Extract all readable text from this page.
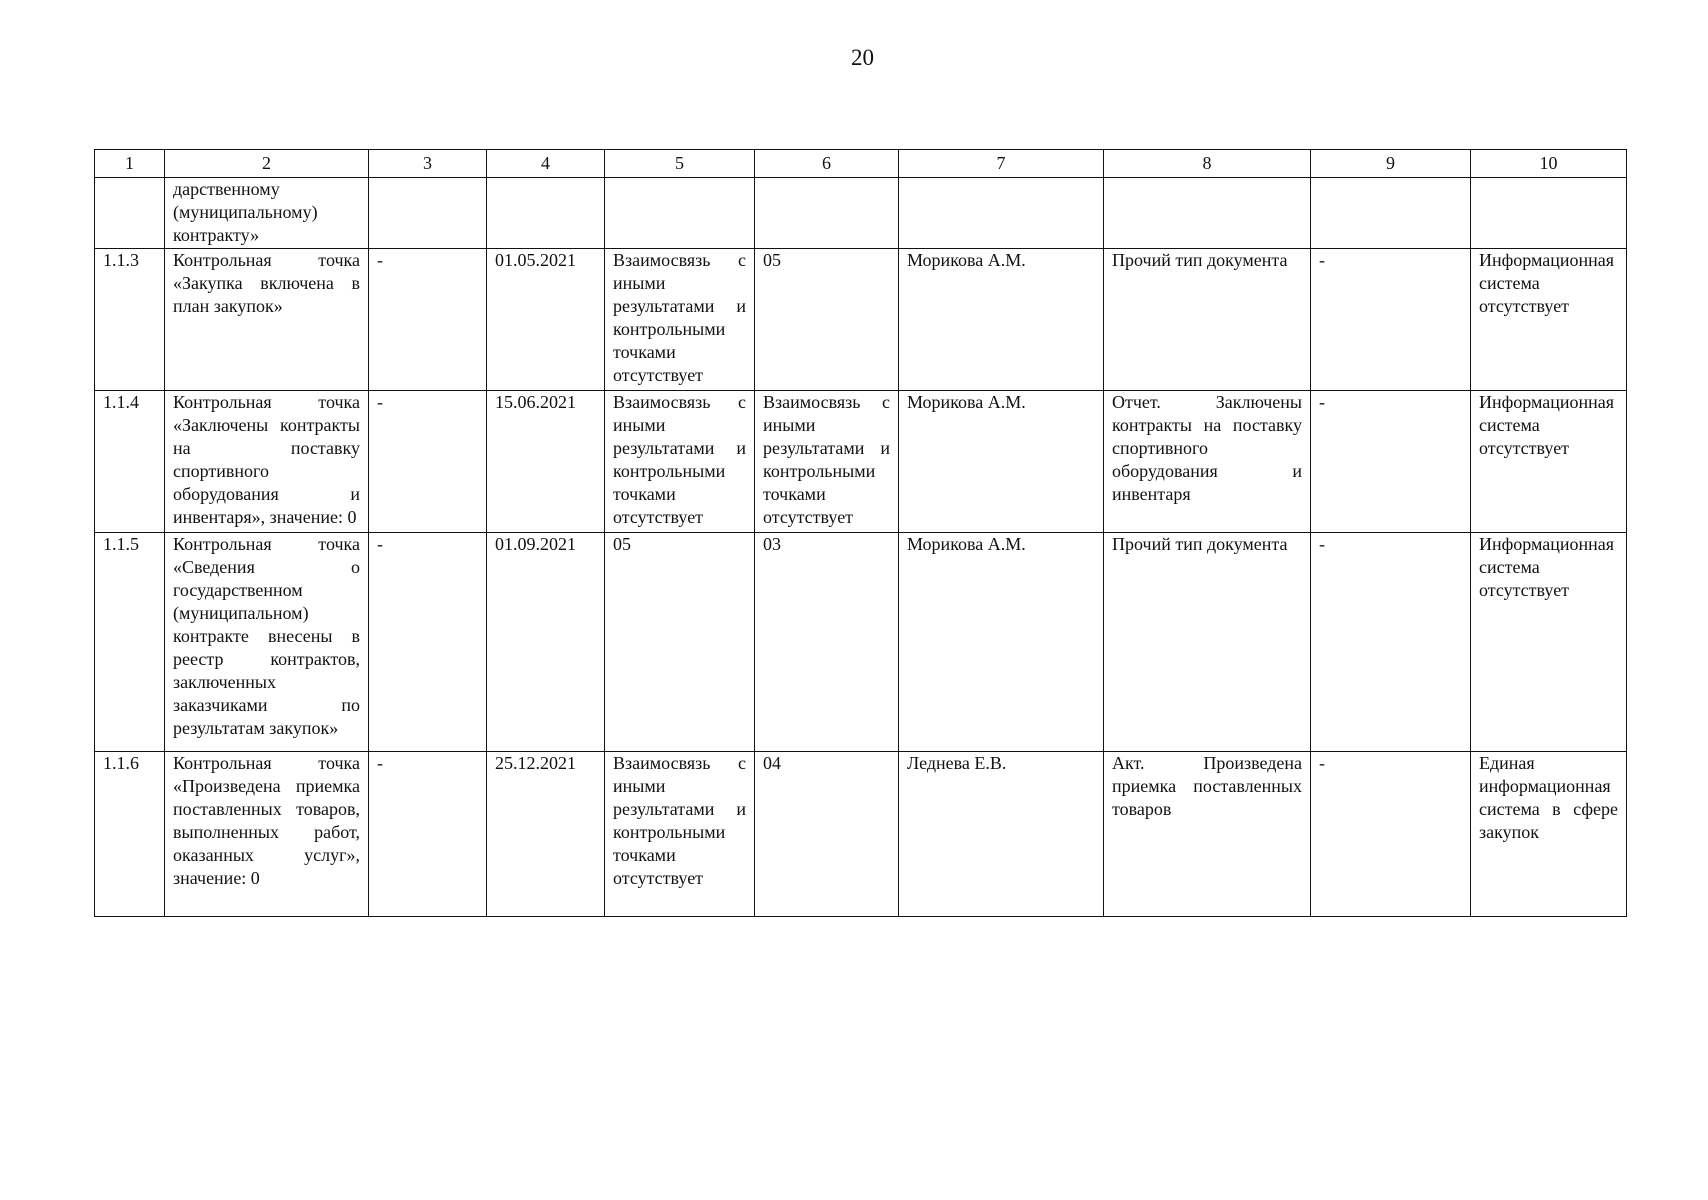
20
1	2	3	4	5	6	7	8	9	10
	дарственному (муниципальному) контракту»								
1.1.3	Контрольная точка «Закупка включена в план закупок»	-	01.05.2021	Взаимосвязь с иными результатами и контрольными точками отсутствует	05	Морикова А.М.	Прочий тип документа	-	Информационная система отсутствует
1.1.4	Контрольная точка «Заключены контракты на поставку спортивного оборудования и инвентаря», значение: 0	-	15.06.2021	Взаимосвязь с иными результатами и контрольными точками отсутствует	Взаимосвязь с иными результатами и контрольными точками отсутствует	Морикова А.М.	Отчет. Заключены контракты на поставку спортивного оборудования и инвентаря	-	Информационная система отсутствует
1.1.5	Контрольная точка «Сведения о государственном (муниципальном) контракте внесены в реестр контрактов, заключенных заказчиками по результатам закупок»	-	01.09.2021	05	03	Морикова А.М.	Прочий тип документа	-	Информационная система отсутствует
1.1.6	Контрольная точка «Произведена приемка поставленных товаров, выполненных работ, оказанных услуг», значение: 0	-	25.12.2021	Взаимосвязь с иными результатами и контрольными точками отсутствует	04	Леднева Е.В.	Акт. Произведена приемка поставленных товаров	-	Единая информационная система в сфере закупок
